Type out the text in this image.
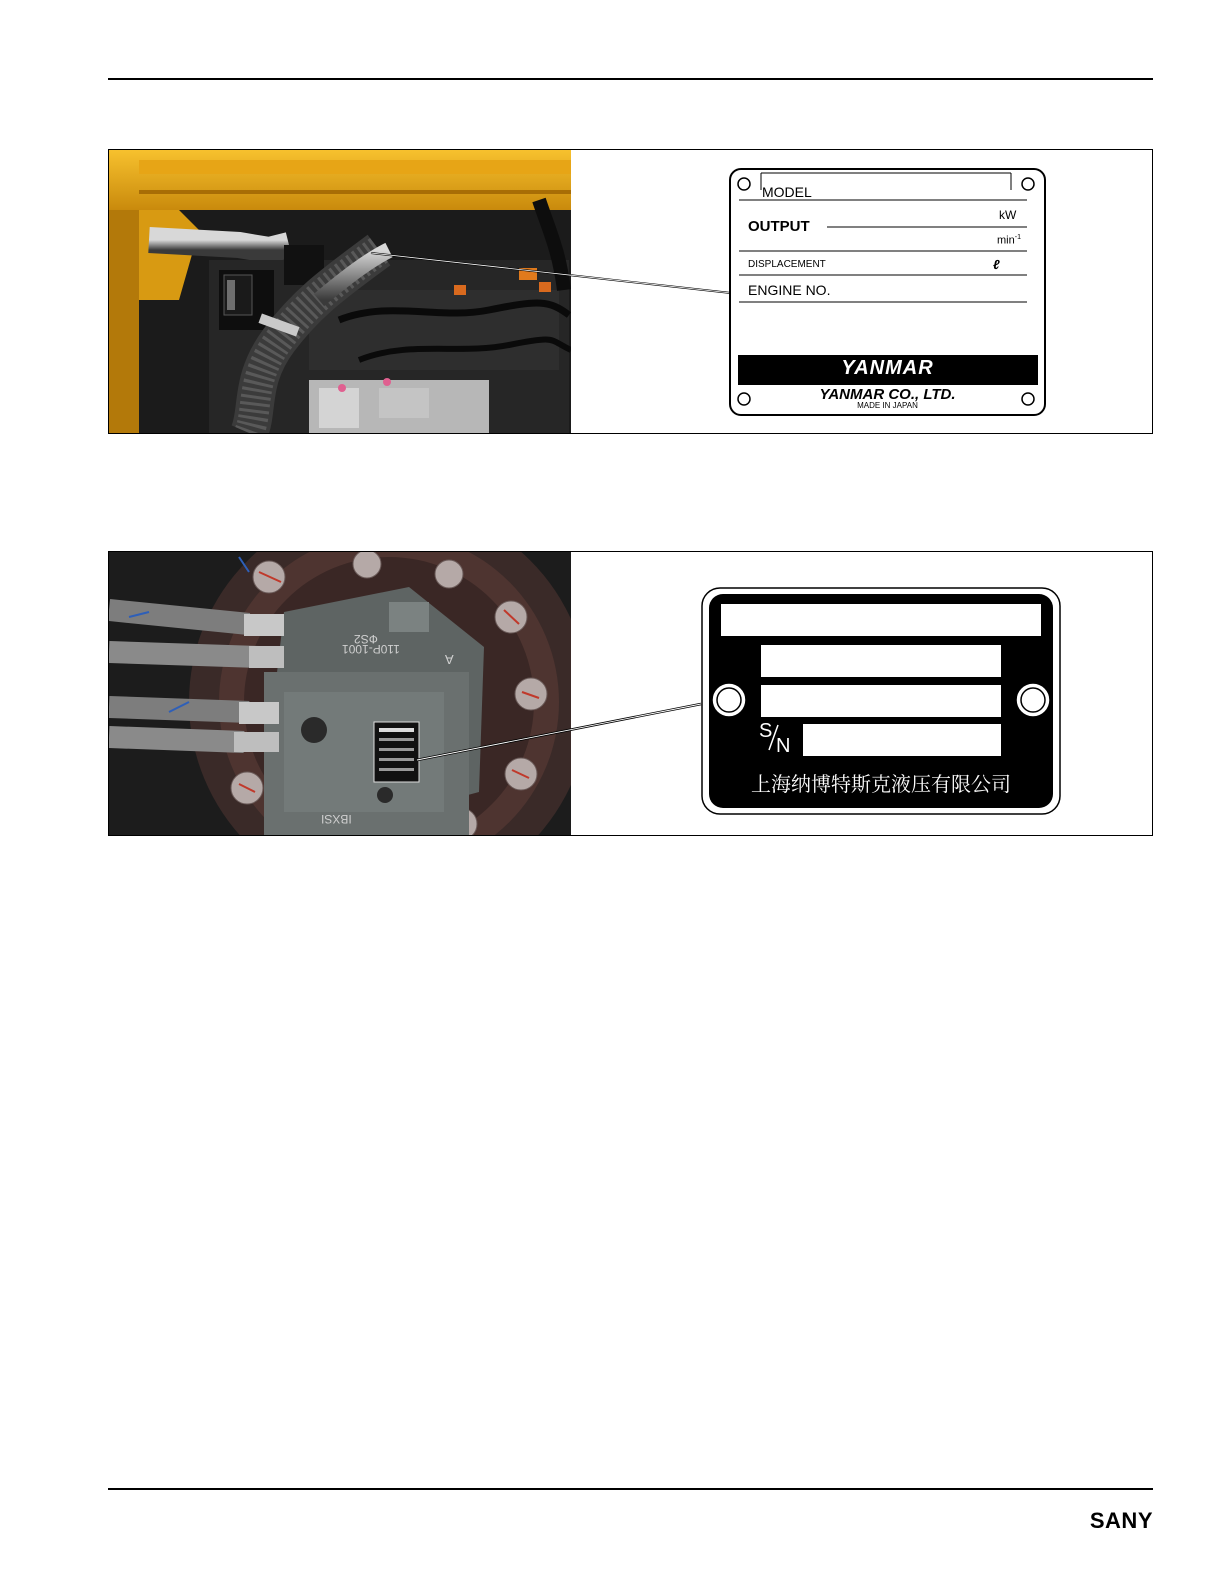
MODEL
OUTPUT
kW
$\min^{-1}$
DISPLACEMENT	ℓ
ENGINE NO.
YANMAR
YANMAR CO., LTD.
MADE IN JAPAN
110Р-1001
ФS2
A
IBXSI
S
N
上海纳博特斯克液压有限公司
SANY
